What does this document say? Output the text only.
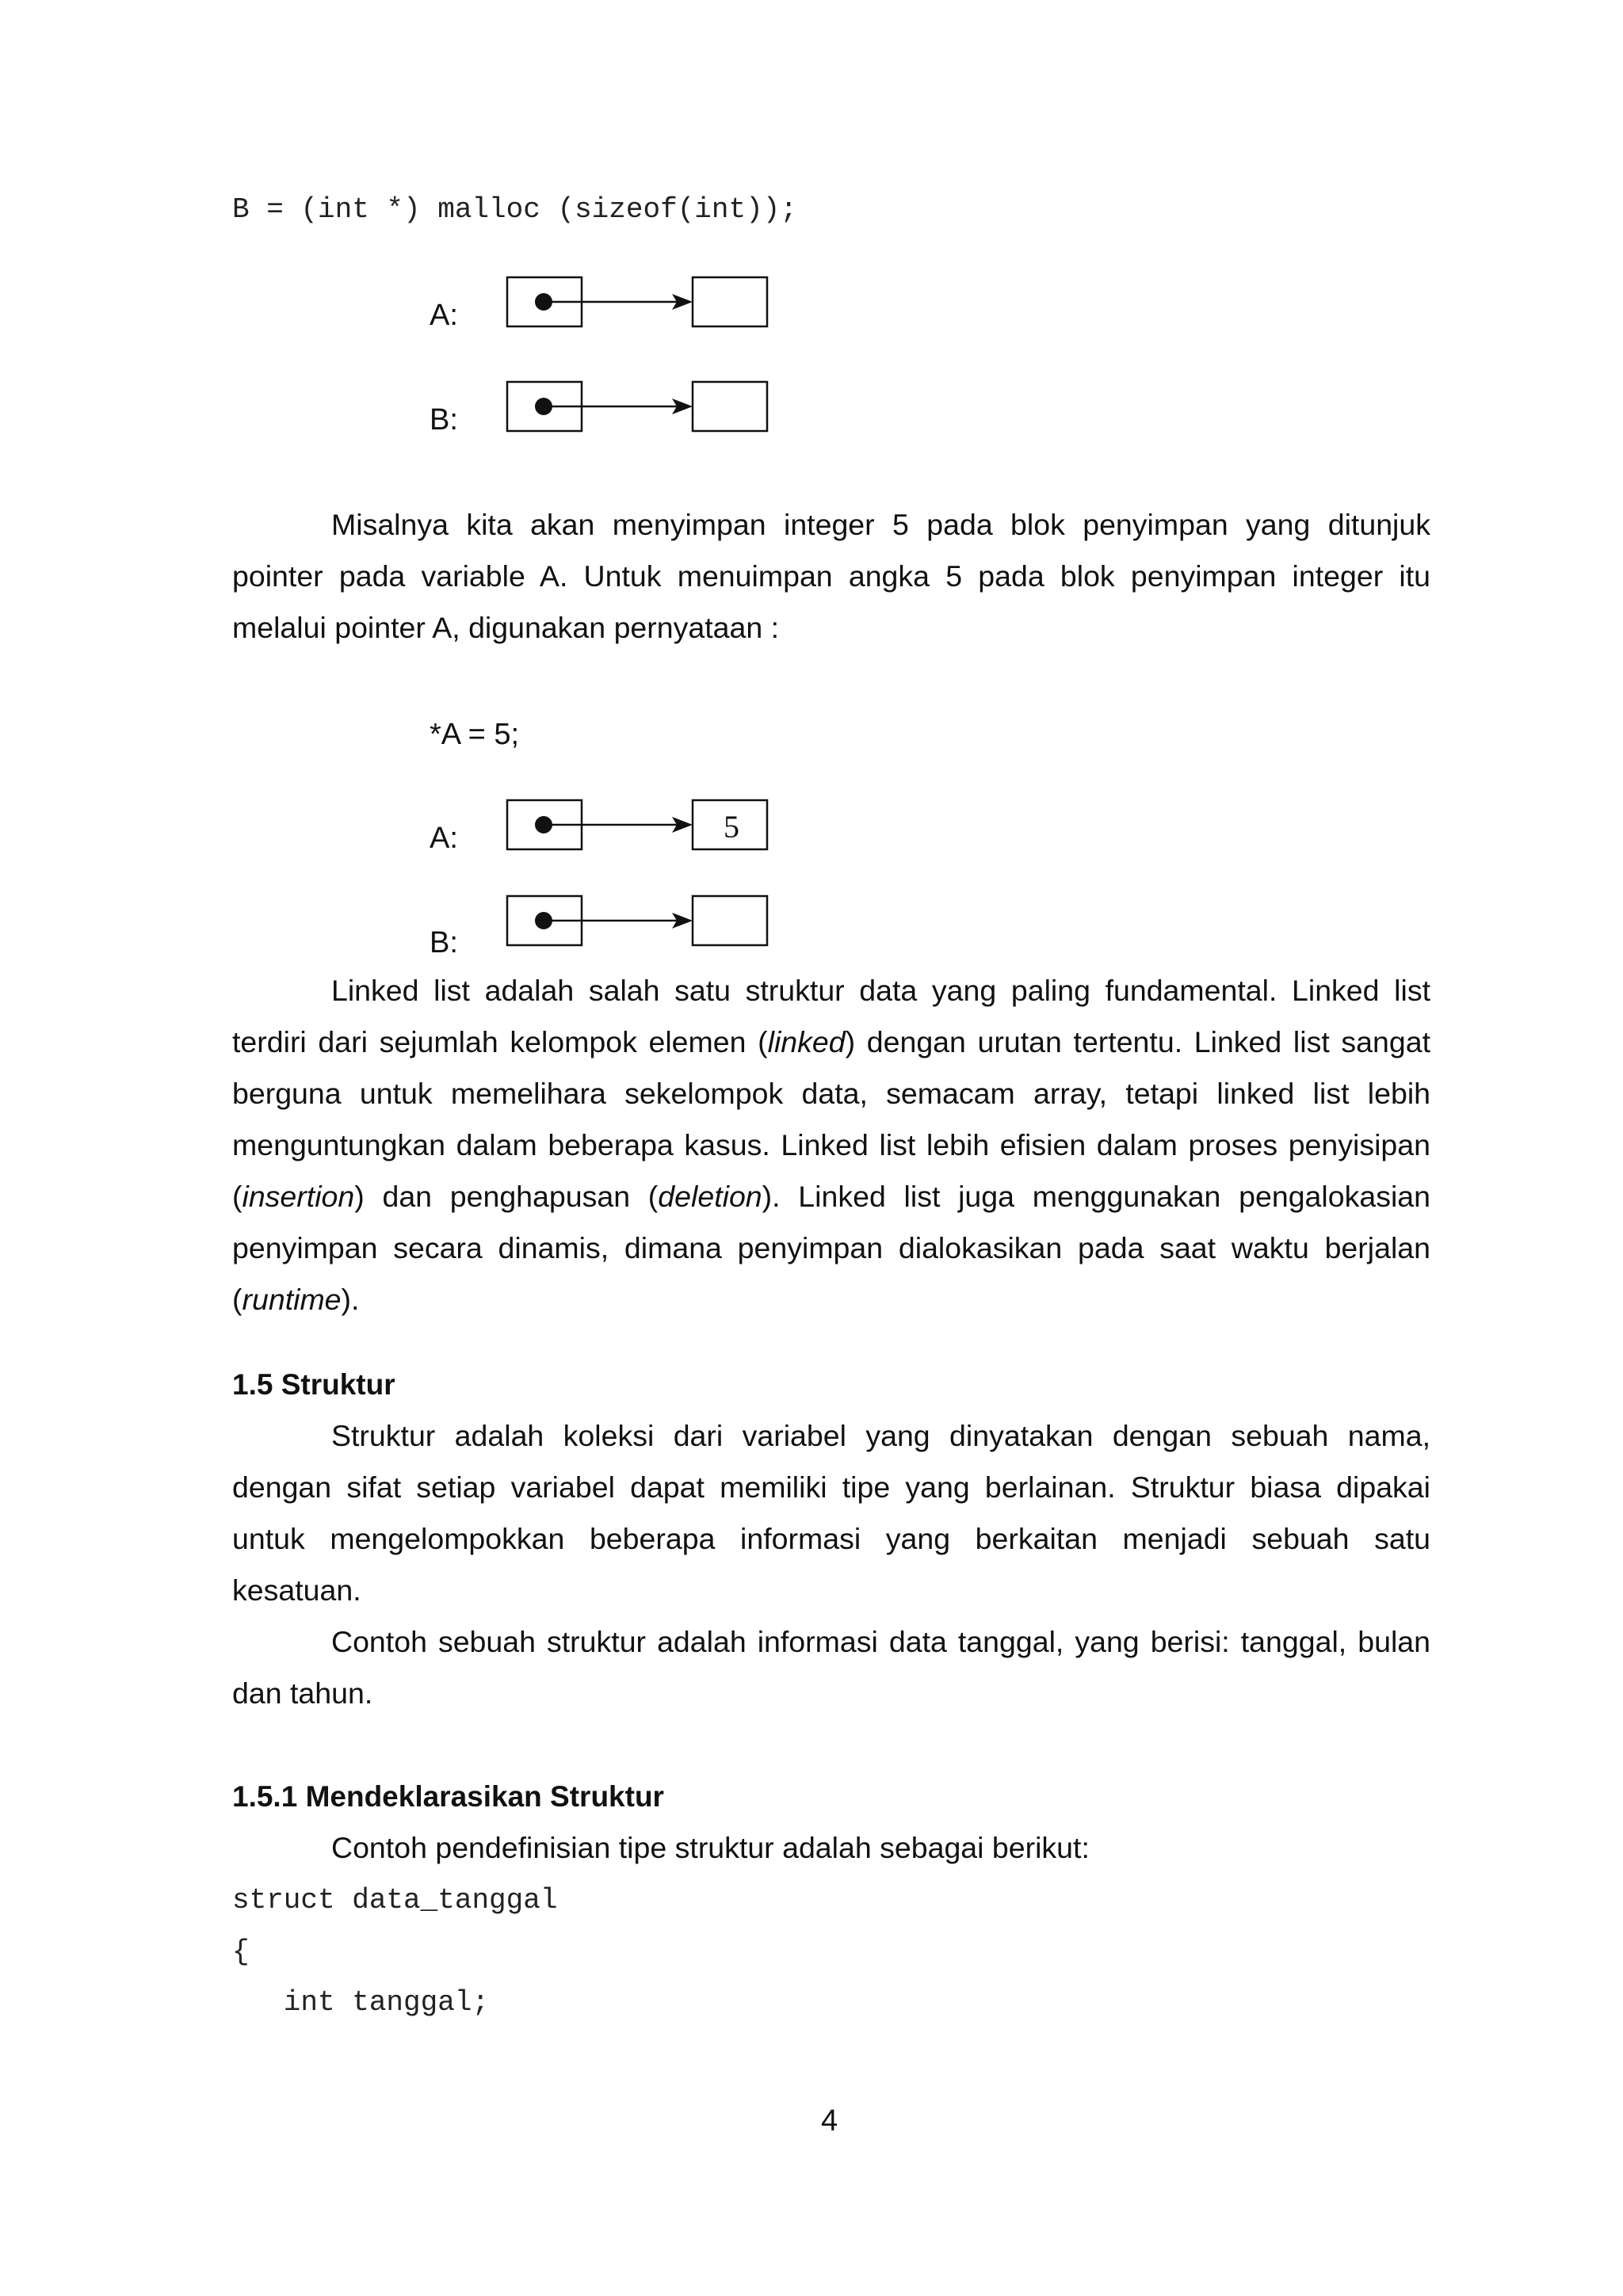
B = (int *) malloc (sizeof(int));
A:
B:

Misalnya kita akan menyimpan integer 5 pada blok penyimpan yang ditunjuk pointer pada variable A. Untuk menuimpan angka 5 pada blok penyimpan integer itu melalui pointer A, digunakan pernyataan :

*A = 5;
A:
B:
5

Linked list adalah salah satu struktur data yang paling fundamental. Linked list terdiri dari sejumlah kelompok elemen (linked) dengan urutan tertentu. Linked list sangat berguna untuk memelihara sekelompok data, semacam array, tetapi linked list lebih menguntungkan dalam beberapa kasus. Linked list lebih efisien dalam proses penyisipan (insertion) dan penghapusan (deletion). Linked list juga menggunakan pengalokasian penyimpan secara dinamis, dimana penyimpan dialokasikan pada saat waktu berjalan (runtime).

1.5 Struktur

Struktur adalah koleksi dari variabel yang dinyatakan dengan sebuah nama, dengan sifat setiap variabel dapat memiliki tipe yang berlainan. Struktur biasa dipakai untuk mengelompokkan beberapa informasi yang berkaitan menjadi sebuah satu kesatuan.

Contoh sebuah struktur adalah informasi data tanggal, yang berisi: tanggal, bulan dan tahun.

1.5.1 Mendeklarasikan Struktur

Contoh pendefinisian tipe struktur adalah sebagai berikut:

struct data_tanggal
{
int tanggal;
4
